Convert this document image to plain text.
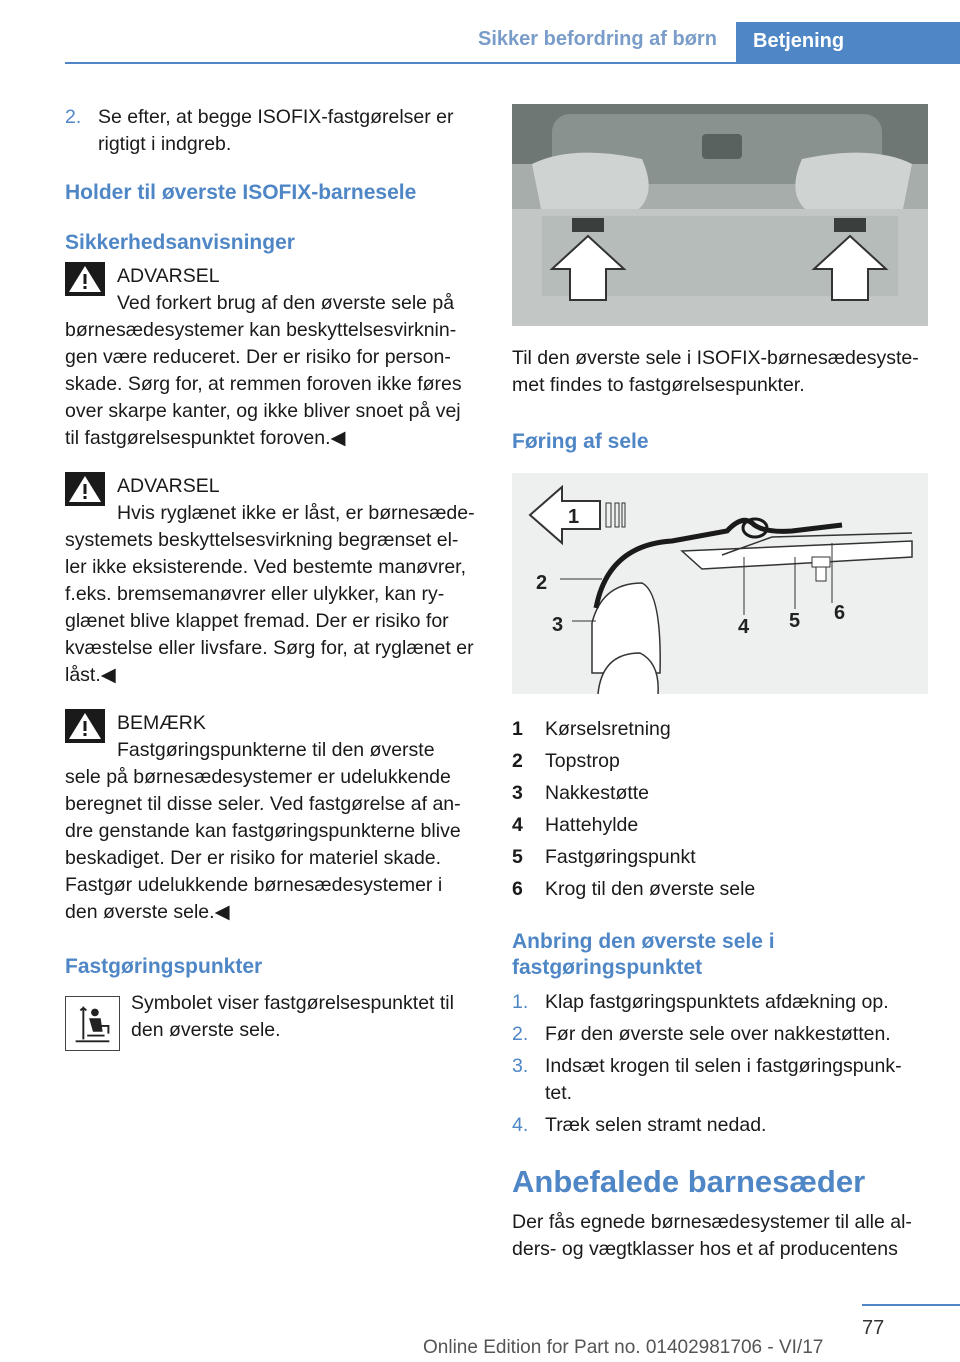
Sikker befordring af børn Betjening
2. Se efter, at begge ISOFIX-fastgørelser er rigtigt i indgreb.
Holder til øverste ISOFIX-barnesele
Sikkerhedsanvisninger

ADVARSEL

Ved forkert brug af den øverste sele på

børnesædesystemer kan beskyttelsesvirknin-gen være reduceret. Der er risiko for person-skade. Sørg for, at remmen foroven ikke føres over skarpe kanter, og ikke bliver snoet på vej til fastgørelsespunktet foroven.◀

ADVARSEL

Hvis ryglænet ikke er låst, er børnesæde-

systemets beskyttelsesvirkning begrænset el-ler ikke eksisterende. Ved bestemte manøvrer, f.eks. bremsemanøvrer eller ulykker, kan ry-glænet blive klappet fremad. Der er risiko for kvæstelse eller livsfare. Sørg for, at ryglænet er låst.◀

BEMÆRK

Fastgøringspunkterne til den øverste

sele på børnesædesystemer er udelukkende beregnet til disse seler. Ved fastgørelse af an-dre genstande kan fastgøringspunkterne blive beskadiget. Der er risiko for materiel skade. Fastgør udelukkende børnesædesystemer i den øverste sele.◀

Fastgøringspunkter

Symbolet viser fastgørelsespunktet til den øverste sele.

Til den øverste sele i ISOFIX-børnesædesyste-met findes to fastgørelsespunkter.

Føring af sele
1
2
3	4 5 6
1	Kørselsretning
2	Topstrop
3	Nakkestøtte
4	Hattehylde
5	Fastgøringspunkt
6	Krog til den øverste sele
Anbring den øverste sele i fastgøringspunktet
1. Klap fastgøringspunktets afdækning op.
2. Før den øverste sele over nakkestøtten.
3. Indsæt krogen til selen i fastgøringspunk-tet.
4. Træk selen stramt nedad.
Anbefalede barnesæder

Der fås egnede børnesædesystemer til alle al-ders- og vægtklasser hos et af producentens

77
Online Edition for Part no. 01402981706 - VI/17
